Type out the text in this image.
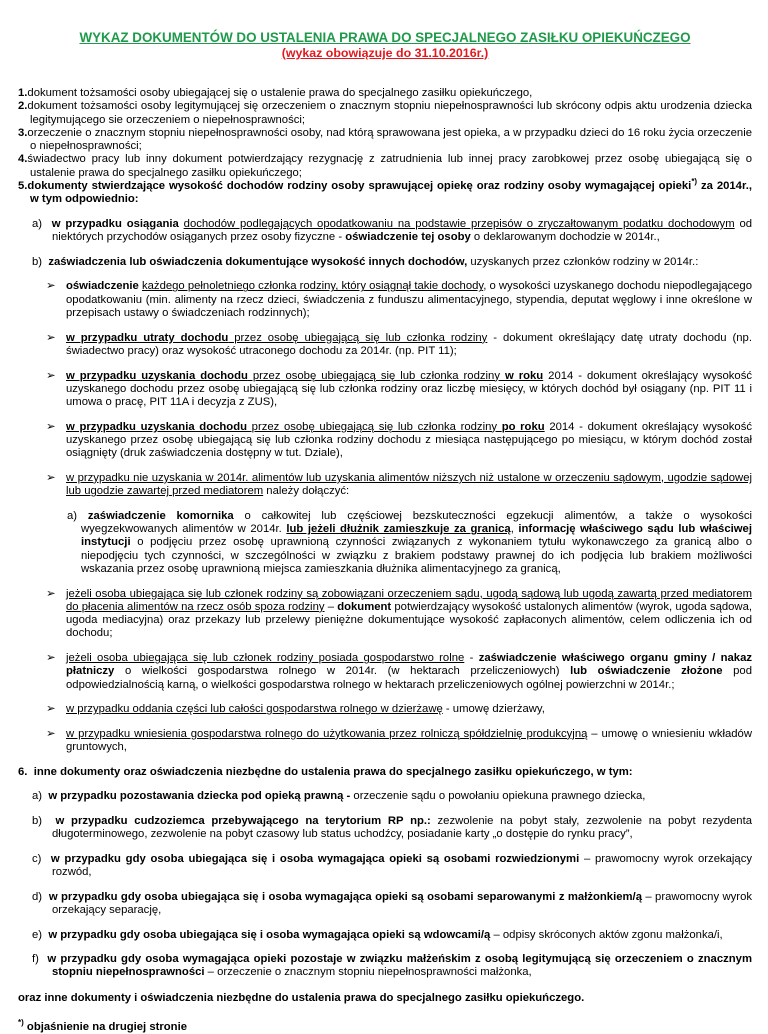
WYKAZ DOKUMENTÓW DO USTALENIA PRAWA DO SPECJALNEGO ZASIŁKU OPIEKUŃCZEGO
(wykaz obowiązuje do 31.10.2016r.)

1.dokument tożsamości osoby ubiegającej się o ustalenie prawa do specjalnego zasiłku opiekuńczego,

2.dokument tożsamości osoby legitymującej się orzeczeniem o znacznym stopniu niepełnosprawności lub skrócony odpis aktu urodzenia dziecka legitymującego sie orzeczeniem o niepełnosprawności;

3.orzeczenie o znacznym stopniu niepełnosprawności osoby, nad którą sprawowana jest opieka, a w przypadku dzieci do 16 roku życia orzeczenie o niepełnosprawności;

4.świadectwo pracy lub inny dokument potwierdzający rezygnację z zatrudnienia lub innej pracy zarobkowej przez osobę ubiegającą się o ustalenie prawa do specjalnego zasiłku opiekuńczego;

5.dokumenty stwierdzające wysokość dochodów rodziny osoby sprawującej opiekę oraz rodziny osoby wymagającej opieki*) za 2014r., w tym odpowiednio:

a) w przypadku osiągania dochodów podlegających opodatkowaniu na podstawie przepisów o zryczałtowanym podatku dochodowym od niektórych przychodów osiąganych przez osoby fizyczne - oświadczenie tej osoby o deklarowanym dochodzie w 2014r.,

b) zaświadczenia lub oświadczenia dokumentujące wysokość innych dochodów, uzyskanych przez członków rodziny w 2014r.:

➢ oświadczenie każdego pełnoletniego członka rodziny, który osiągnął takie dochody, o wysokości uzyskanego dochodu niepodlegającego opodatkowaniu (min. alimenty na rzecz dzieci, świadczenia z funduszu alimentacyjnego, stypendia, deputat węglowy i inne określone w przepisach ustawy o świadczeniach rodzinnych);

➢ w przypadku utraty dochodu przez osobę ubiegającą się lub członka rodziny - dokument określający datę utraty dochodu (np. świadectwo pracy) oraz wysokość utraconego dochodu za 2014r. (np. PIT 11);

➢ w przypadku uzyskania dochodu przez osobę ubiegającą się lub członka rodziny w roku 2014 - dokument określający wysokość uzyskanego dochodu przez osobę ubiegającą się lub członka rodziny oraz liczbę miesięcy, w których dochód był osiągany (np. PIT 11 i umowa o pracę, PIT 11A i decyzja z ZUS),

➢ w przypadku uzyskania dochodu przez osobę ubiegającą się lub członka rodziny po roku 2014 - dokument określający wysokość uzyskanego przez osobę ubiegającą się lub członka rodziny dochodu z miesiąca następującego po miesiącu, w którym dochód został osiągnięty (druk zaświadczenia dostępny w tut. Dziale),

➢ w przypadku nie uzyskania w 2014r. alimentów lub uzyskania alimentów niższych niż ustalone w orzeczeniu sądowym, ugodzie sądowej lub ugodzie zawartej przed mediatorem należy dołączyć:

a) zaświadczenie komornika o całkowitej lub częściowej bezskuteczności egzekucji alimentów, a także o wysokości wyegzekwowanych alimentów w 2014r. lub jeżeli dłużnik zamieszkuje za granicą, informację właściwego sądu lub właściwej instytucji o podjęciu przez osobę uprawnioną czynności związanych z wykonaniem tytułu wykonawczego za granicą albo o niepodjęciu tych czynności, w szczególności w związku z brakiem podstawy prawnej do ich podjęcia lub brakiem możliwości wskazania przez osobę uprawnioną miejsca zamieszkania dłużnika alimentacyjnego za granicą,

➢ jeżeli osoba ubiegająca się lub członek rodziny są zobowiązani orzeczeniem sądu, ugodą sądową lub ugodą zawartą przed mediatorem do płacenia alimentów na rzecz osób spoza rodziny – dokument potwierdzający wysokość ustalonych alimentów (wyrok, ugoda sądowa, ugoda mediacyjna) oraz przekazy lub przelewy pieniężne dokumentujące wysokość zapłaconych alimentów, celem odliczenia ich od dochodu;

➢ jeżeli osoba ubiegająca się lub członek rodziny posiada gospodarstwo rolne - zaświadczenie właściwego organu gminy / nakaz płatniczy o wielkości gospodarstwa rolnego w 2014r. (w hektarach przeliczeniowych) lub oświadczenie złożone pod odpowiedzialnością karną, o wielkości gospodarstwa rolnego w hektarach przeliczeniowych ogólnej powierzchni w 2014r.;

➢ w przypadku oddania części lub całości gospodarstwa rolnego w dzierżawę - umowę dzierżawy,

➢ w przypadku wniesienia gospodarstwa rolnego do użytkowania przez rolniczą spółdzielnię produkcyjną – umowę o wniesieniu wkładów gruntowych,

6. inne dokumenty oraz oświadczenia niezbędne do ustalenia prawa do specjalnego zasiłku opiekuńczego, w tym:

a) w przypadku pozostawania dziecka pod opieką prawną - orzeczenie sądu o powołaniu opiekuna prawnego dziecka,

b) w przypadku cudzoziemca przebywającego na terytorium RP np.: zezwolenie na pobyt stały, zezwolenie na pobyt rezydenta długoterminowego, zezwolenie na pobyt czasowy lub status uchodźcy, posiadanie karty „o dostępie do rynku pracy”,

c) w przypadku gdy osoba ubiegająca się i osoba wymagająca opieki są osobami rozwiedzionymi – prawomocny wyrok orzekający rozwód,

d) w przypadku gdy osoba ubiegająca się i osoba wymagająca opieki są osobami separowanymi z małżonkiem/ą – prawomocny wyrok orzekający separację,

e) w przypadku gdy osoba ubiegająca się i osoba wymagająca opieki są wdowcami/ą – odpisy skróconych aktów zgonu małżonka/i,

f) w przypadku gdy osoba wymagająca opieki pozostaje w związku małżeńskim z osobą legitymującą się orzeczeniem o znacznym stopniu niepełnosprawności – orzeczenie o znacznym stopniu niepełnosprawności małżonka,

oraz inne dokumenty i oświadczenia niezbędne do ustalenia prawa do specjalnego zasiłku opiekuńczego.

*) objaśnienie na drugiej stronie
